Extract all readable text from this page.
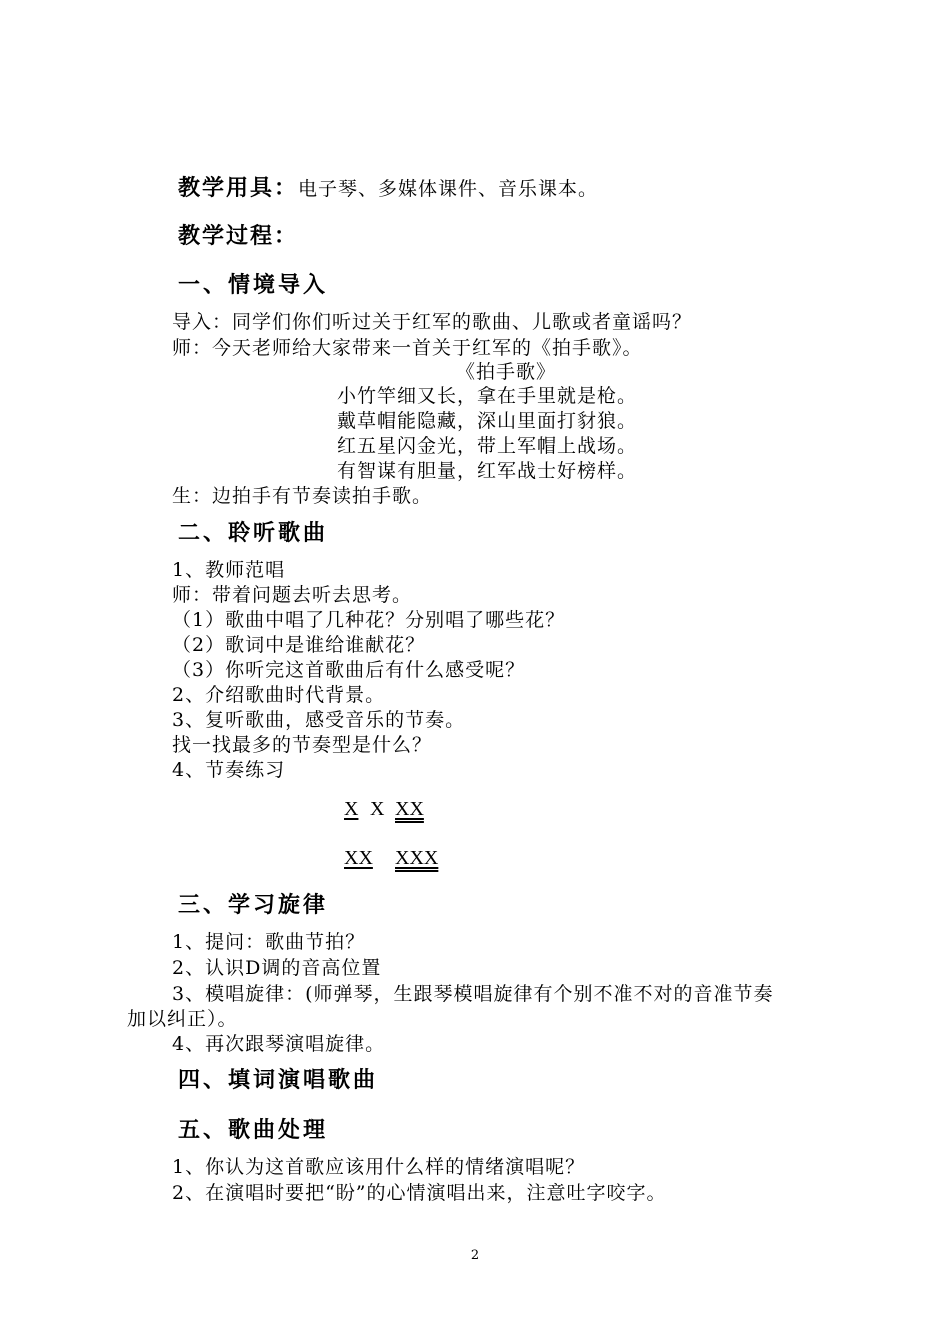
教学用具：电子琴、多媒体课件、音乐课本。
教学过程：
一、情境导入
导入：同学们你们听过关于红军的歌曲、儿歌或者童谣吗？
师：今天老师给大家带来一首关于红军的《拍手歌》。
《拍手歌》
小竹竿细又长，拿在手里就是枪。
戴草帽能隐藏，深山里面打豺狼。
红五星闪金光，带上军帽上战场。
有智谋有胆量，红军战士好榜样。
生：边拍手有节奏读拍手歌。
二、聆听歌曲
1、教师范唱
师：带着问题去听去思考。
（1）歌曲中唱了几种花？分别唱了哪些花？
（2）歌词中是谁给谁献花？
（3）你听完这首歌曲后有什么感受呢？
2、介绍歌曲时代背景。
3、复听歌曲，感受音乐的节奏。
找一找最多的节奏型是什么？
4、节奏练习
X X XX
XX XXX
三、学习旋律
1、提问：歌曲节拍？
2、认识D调的音高位置
3、模唱旋律：(师弹琴，生跟琴模唱旋律有个别不准不对的音准节奏
加以纠正）。
4、再次跟琴演唱旋律。
四、填词演唱歌曲
五、歌曲处理
1、你认为这首歌应该用什么样的情绪演唱呢？
2、在演唱时要把“盼”的心情演唱出来，注意吐字咬字。
2
